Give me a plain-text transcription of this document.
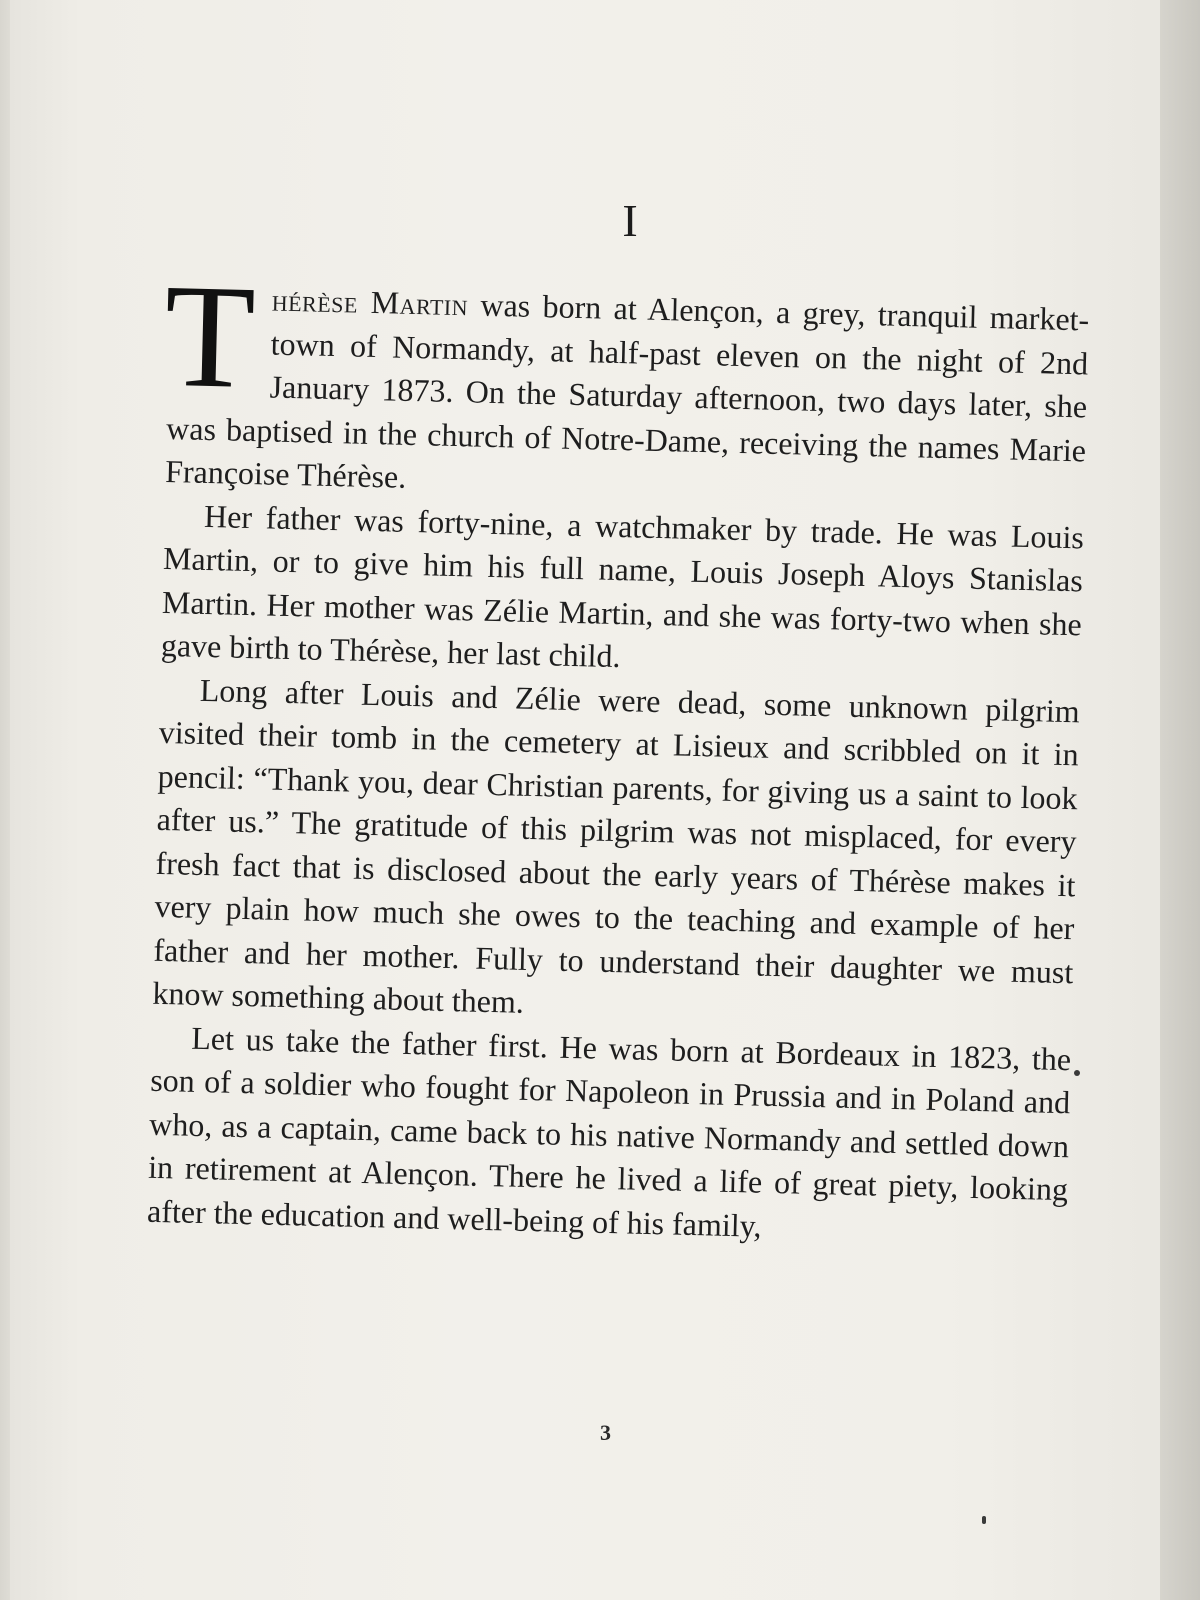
I

Thérèse Martin was born at Alençon, a grey, tranquil market-town of Normandy, at half-past eleven on the night of 2nd January 1873. On the Saturday afternoon, two days later, she was baptised in the church of Notre-Dame, receiving the names Marie Françoise Thérèse.

Her father was forty-nine, a watchmaker by trade. He was Louis Martin, or to give him his full name, Louis Joseph Aloys Stanislas Martin. Her mother was Zélie Martin, and she was forty-two when she gave birth to Thérèse, her last child.

Long after Louis and Zélie were dead, some unknown pilgrim visited their tomb in the cemetery at Lisieux and scribbled on it in pencil: “Thank you, dear Christian parents, for giving us a saint to look after us.” The gratitude of this pilgrim was not misplaced, for every fresh fact that is disclosed about the early years of Thérèse makes it very plain how much she owes to the teaching and example of her father and her mother. Fully to understand their daughter we must know something about them.

Let us take the father first. He was born at Bordeaux in 1823, the son of a soldier who fought for Napoleon in Prussia and in Poland and who, as a captain, came back to his native Normandy and settled down in retirement at Alençon. There he lived a life of great piety, looking after the education and well-being of his family,

3
